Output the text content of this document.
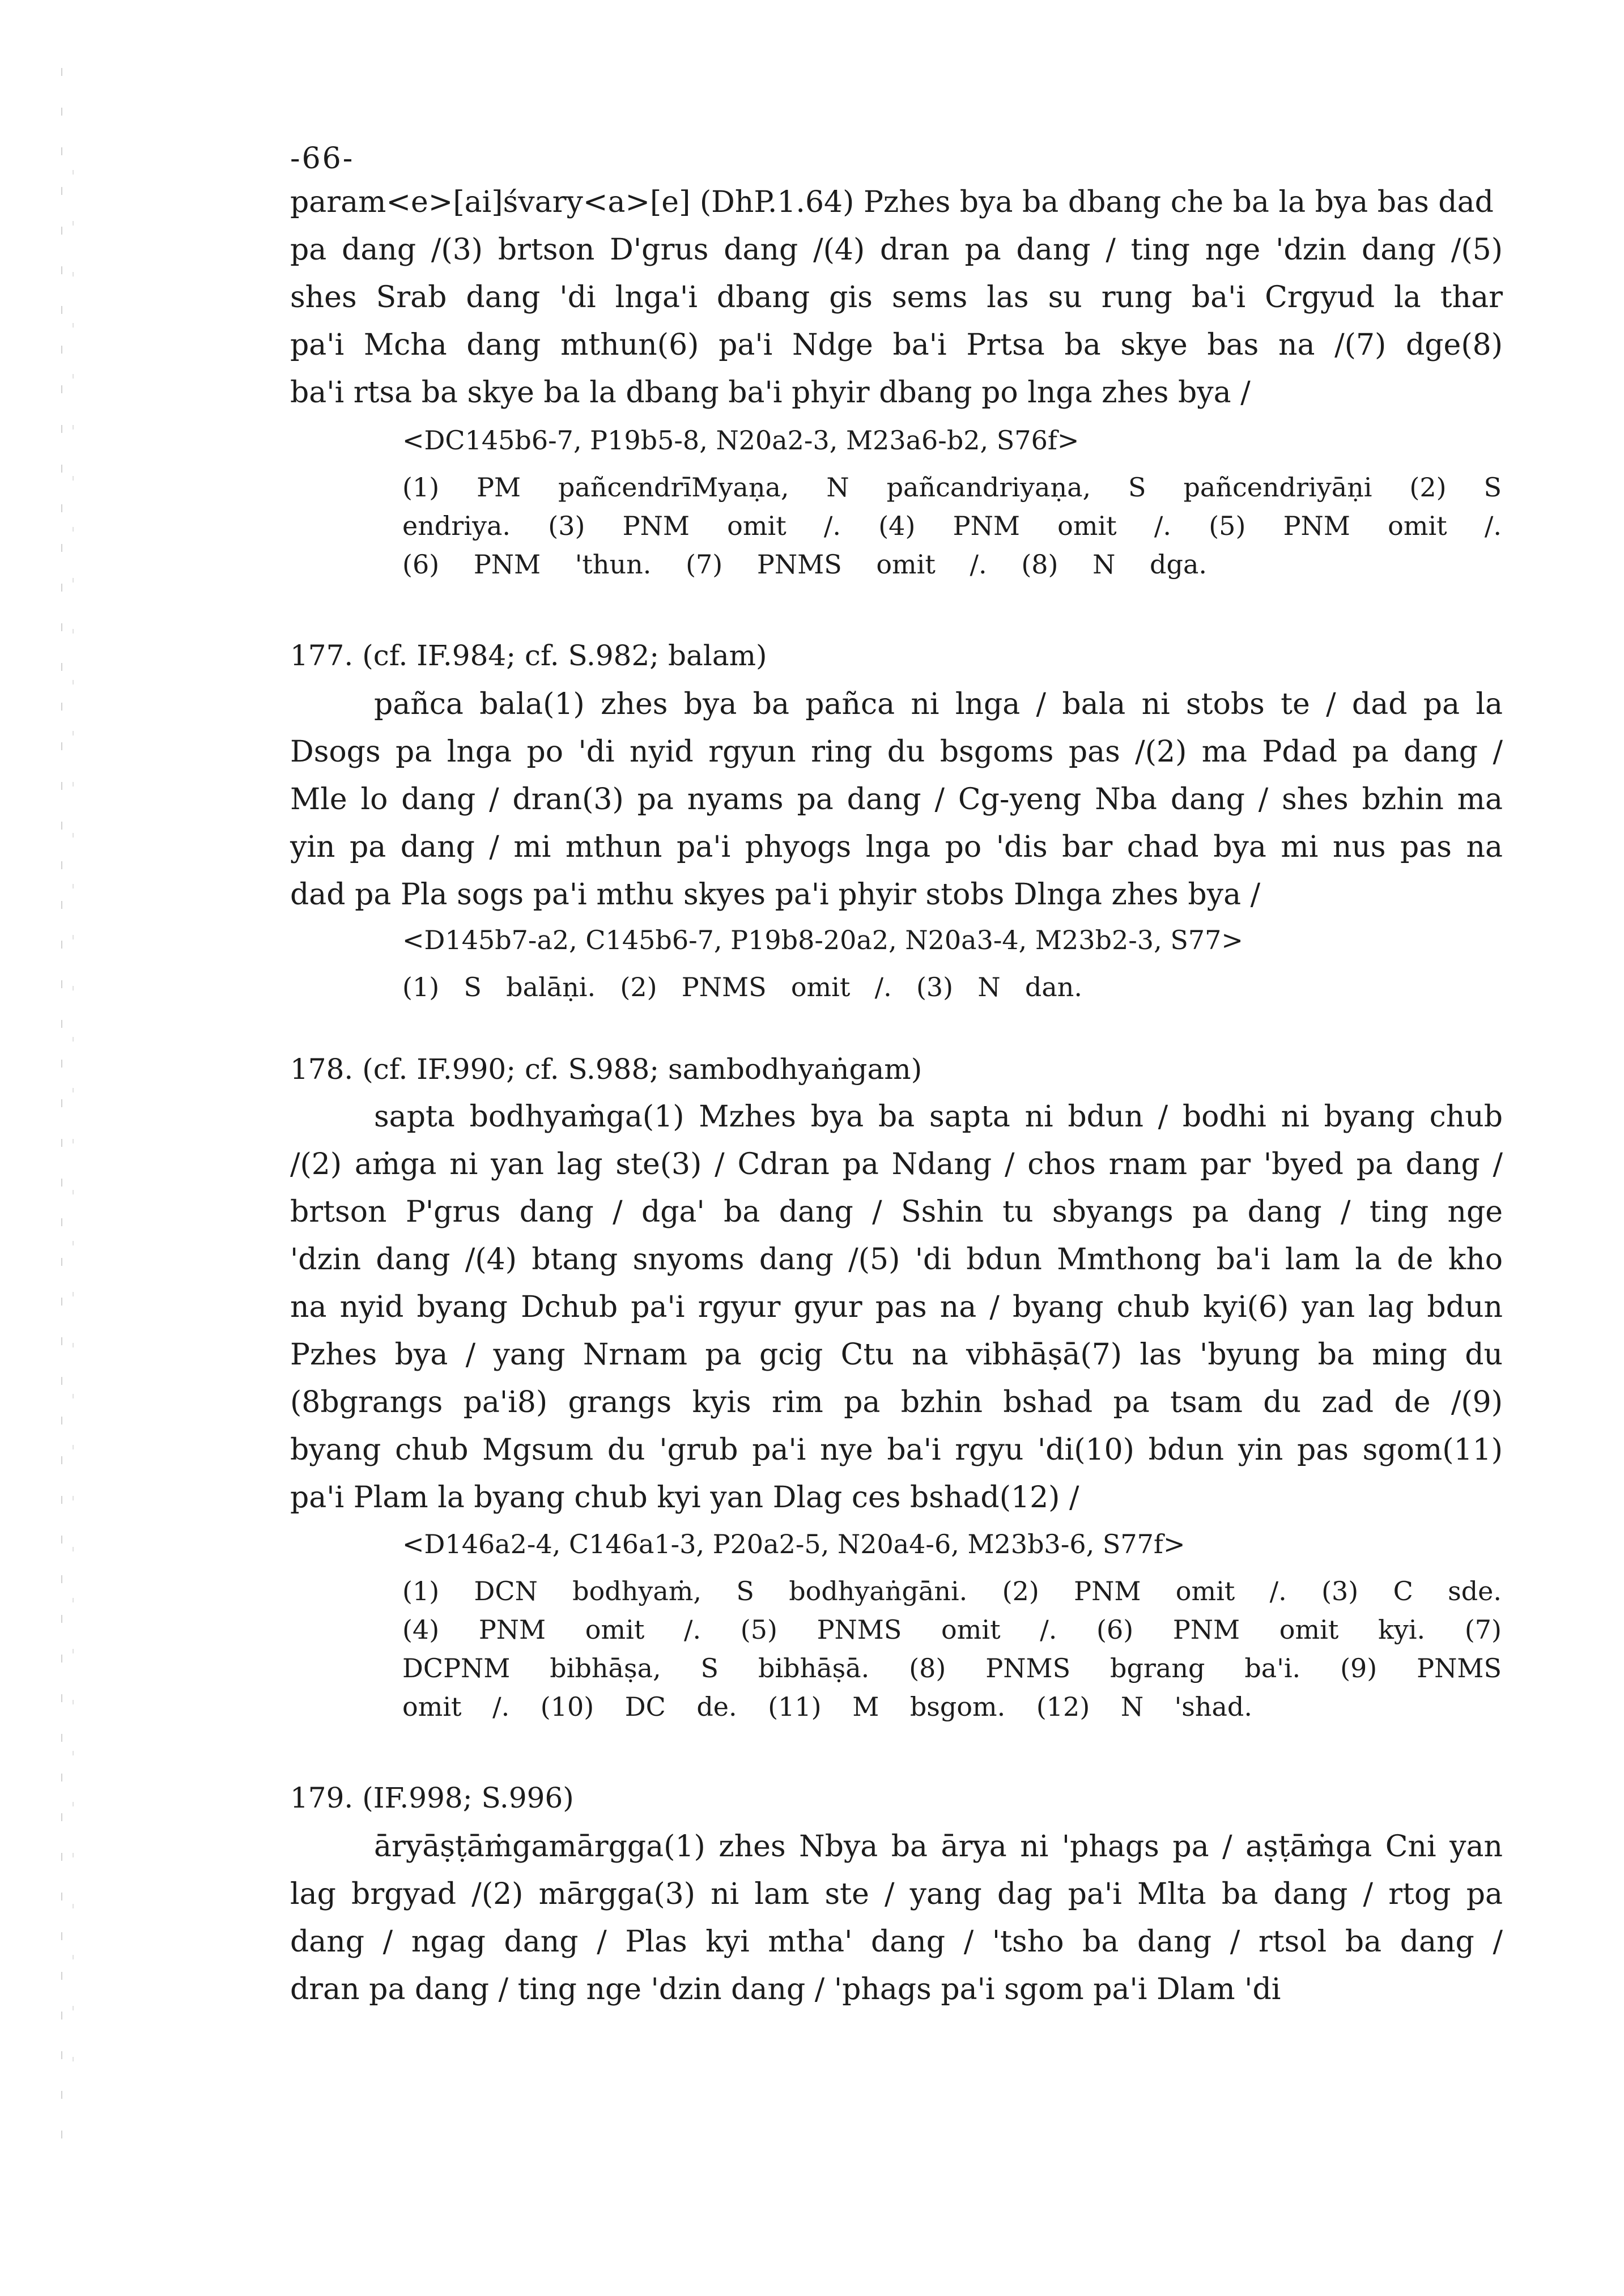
-66-
param<e>[ai]śvary<a>[e] (DhP.1.64) Pzhes bya ba dbang che ba la bya bas dad
pa dang /(3) brtson D'grus dang /(4) dran pa dang / ting nge 'dzin dang /(5)
shes Srab dang 'di lnga'i dbang gis sems las su rung ba'i Crgyud la thar
pa'i Mcha dang mthun(6) pa'i Ndge ba'i Prtsa ba skye bas na /(7) dge(8)
ba'i rtsa ba skye ba la dbang ba'i phyir dbang po lnga zhes bya /
<DC145b6-7, P19b5-8, N20a2-3, M23a6-b2, S76f>
(1) PM pañcendrīMyaṇa, N pañcandriyaṇa, S pañcendriyāṇi (2) S
endriya. (3) PNM omit /. (4) PNM omit /. (5) PNM omit /.
(6) PNM 'thun. (7) PNMS omit /. (8) N dga.
177. (cf. IF.984; cf. S.982; balam)
pañca bala(1) zhes bya ba pañca ni lnga / bala ni stobs te / dad pa la
Dsogs pa lnga po 'di nyid rgyun ring du bsgoms pas /(2) ma Pdad pa dang /
Mle lo dang / dran(3) pa nyams pa dang / Cg-yeng Nba dang / shes bzhin ma
yin pa dang / mi mthun pa'i phyogs lnga po 'dis bar chad bya mi nus pas na
dad pa Pla sogs pa'i mthu skyes pa'i phyir stobs Dlnga zhes bya /
<D145b7-a2, C145b6-7, P19b8-20a2, N20a3-4, M23b2-3, S77>
(1) S balāṇi. (2) PNMS omit /. (3) N dan.
178. (cf. IF.990; cf. S.988; sambodhyaṅgam)
sapta bodhyaṁga(1) Mzhes bya ba sapta ni bdun / bodhi ni byang chub
/(2) aṁga ni yan lag ste(3) / Cdran pa Ndang / chos rnam par 'byed pa dang /
brtson P'grus dang / dga' ba dang / Sshin tu sbyangs pa dang / ting nge
'dzin dang /(4) btang snyoms dang /(5) 'di bdun Mmthong ba'i lam la de kho
na nyid byang Dchub pa'i rgyur gyur pas na / byang chub kyi(6) yan lag bdun
Pzhes bya / yang Nrnam pa gcig Ctu na vibhāṣā(7) las 'byung ba ming du
(8bgrangs pa'i8) grangs kyis rim pa bzhin bshad pa tsam du zad de /(9)
byang chub Mgsum du 'grub pa'i nye ba'i rgyu 'di(10) bdun yin pas sgom(11)
pa'i Plam la byang chub kyi yan Dlag ces bshad(12) /
<D146a2-4, C146a1-3, P20a2-5, N20a4-6, M23b3-6, S77f>
(1) DCN bodhyaṁ, S bodhyaṅgāni. (2) PNM omit /. (3) C sde.
(4) PNM omit /. (5) PNMS omit /. (6) PNM omit kyi. (7)
DCPNM bibhāṣa, S bibhāṣā. (8) PNMS bgrang ba'i. (9) PNMS
omit /. (10) DC de. (11) M bsgom. (12) N 'shad.
179. (IF.998; S.996)
āryāṣṭāṁgamārgga(1) zhes Nbya ba ārya ni 'phags pa / aṣṭāṁga Cni yan
lag brgyad /(2) mārgga(3) ni lam ste / yang dag pa'i Mlta ba dang / rtog pa
dang / ngag dang / Plas kyi mtha' dang / 'tsho ba dang / rtsol ba dang /
dran pa dang / ting nge 'dzin dang / 'phags pa'i sgom pa'i Dlam 'di
